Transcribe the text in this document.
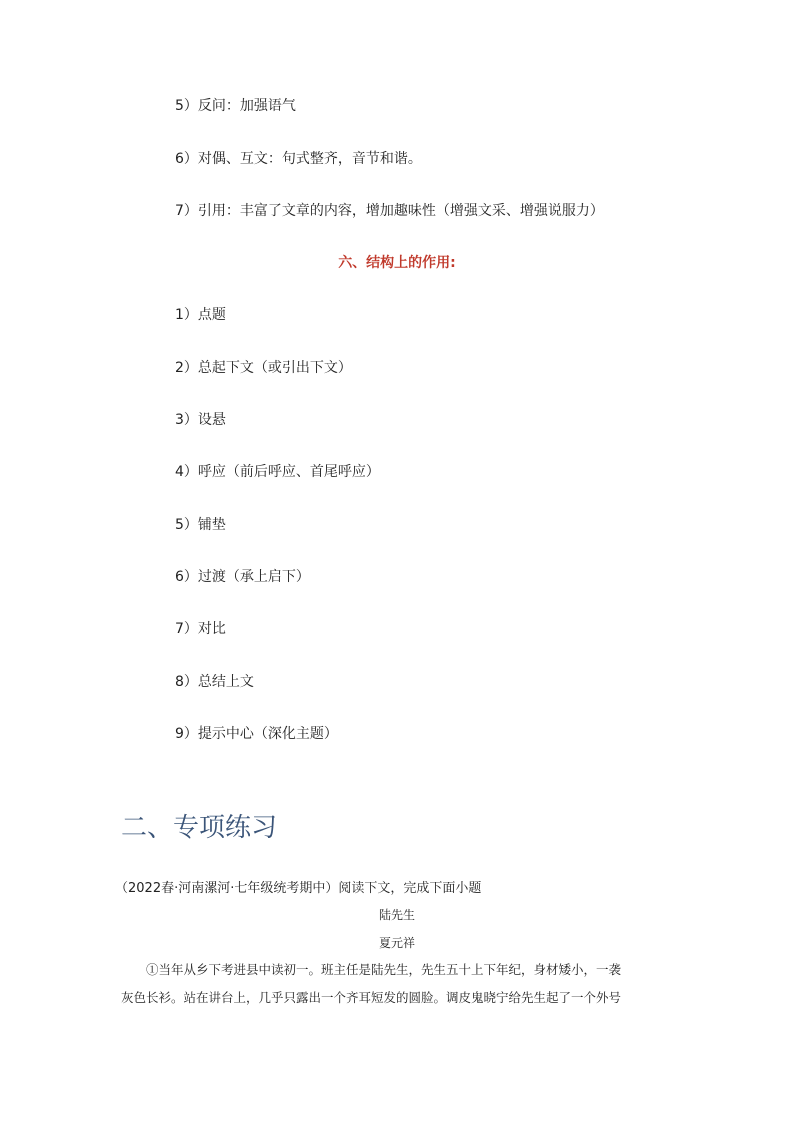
5）反问：加强语气
6）对偶、互文：句式整齐，音节和谐。
7）引用：丰富了文章的内容，增加趣味性（增强文采、增强说服力）
六、结构上的作用:
1）点题
2）总起下文（或引出下文）
3）设悬
4）呼应（前后呼应、首尾呼应）
5）铺垫
6）过渡（承上启下）
7）对比
8）总结上文
9）提示中心（深化主题）
二、专项练习
（2022春·河南漯河·七年级统考期中）阅读下文，完成下面小题
陆先生
夏元祥
①当年从乡下考进县中读初一。班主任是陆先生，先生五十上下年纪，身材矮小，一袭
灰色长衫。站在讲台上，几乎只露出一个齐耳短发的圆脸。调皮鬼晓宁给先生起了一个外号
